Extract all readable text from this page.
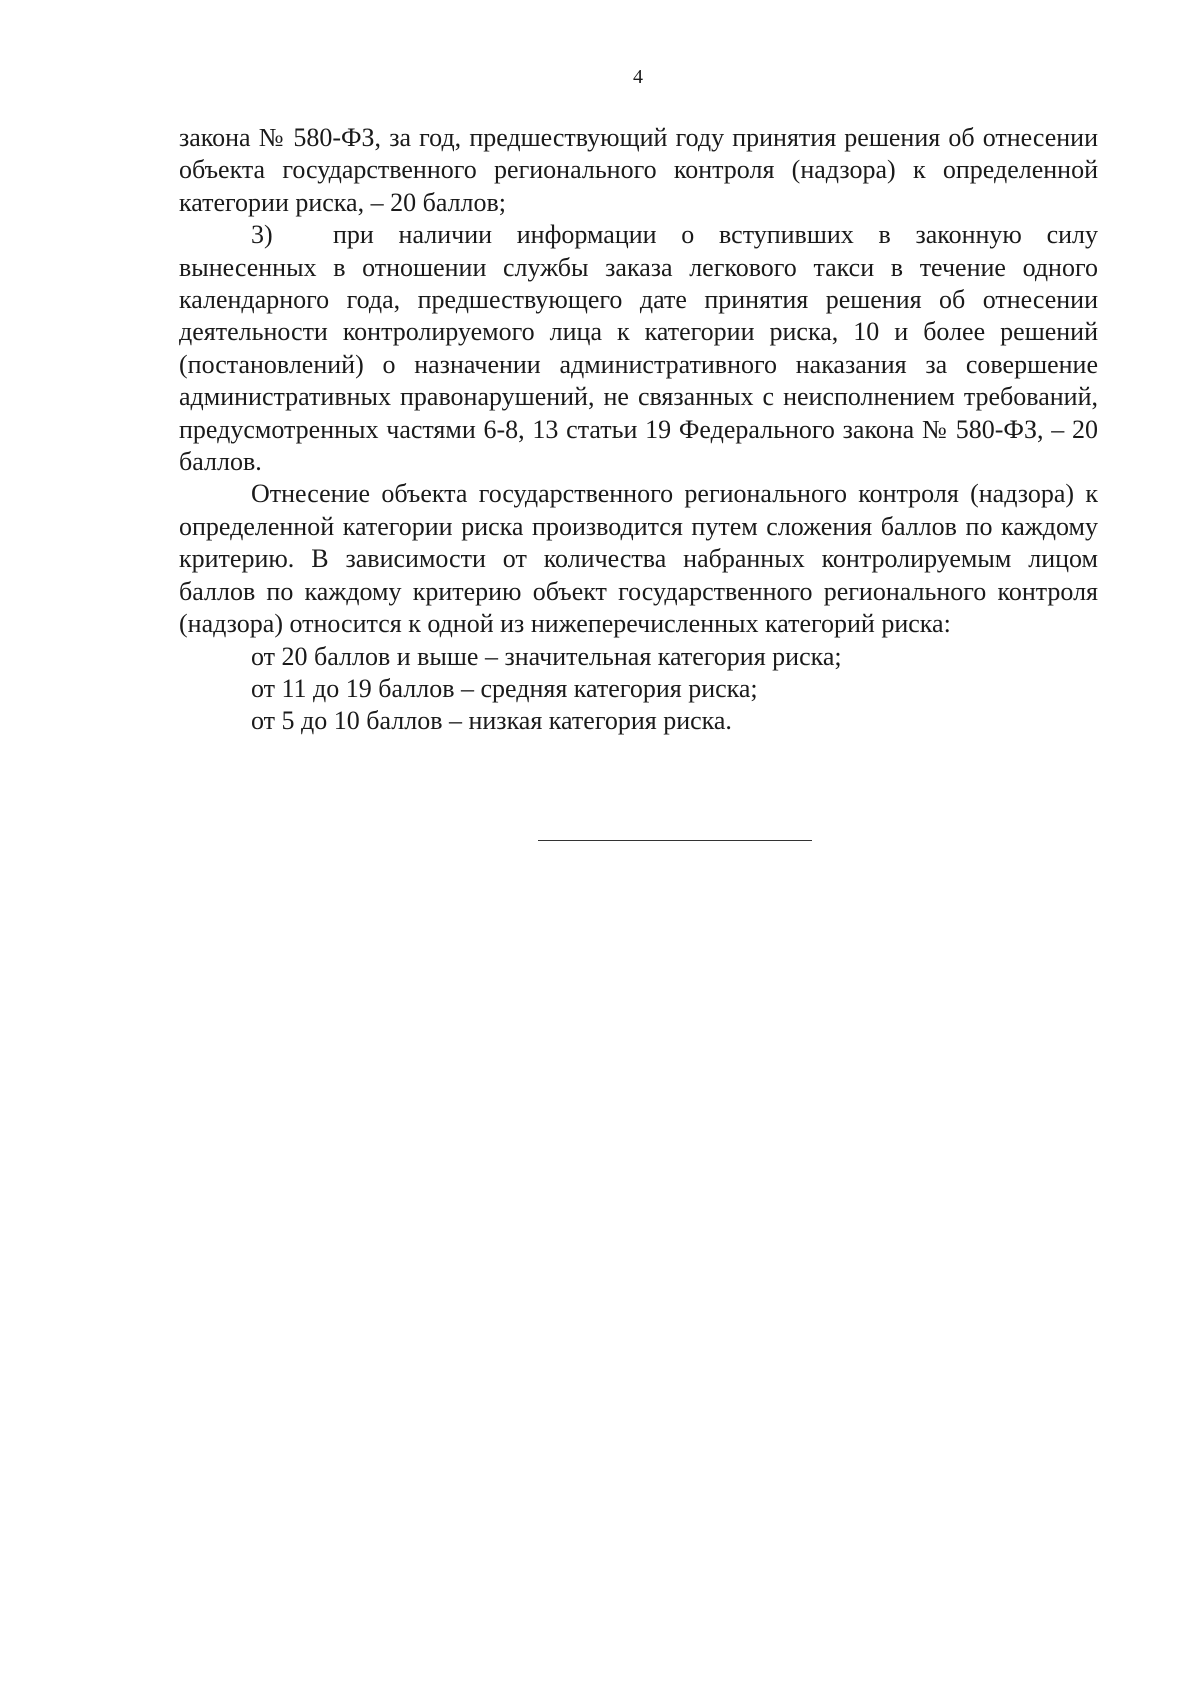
4

закона № 580-ФЗ, за год, предшествующий году принятия решения об отнесении объекта государственного регионального контроля (надзора) к определенной категории риска, – 20 баллов;

3) при наличии информации о вступивших в законную силу вынесенных в отношении службы заказа легкового такси в течение одного календарного года, предшествующего дате принятия решения об отнесении деятельности контролируемого лица к категории риска, 10 и более решений (постановлений) о назначении административного наказания за совершение административных правонарушений, не связанных с неисполнением требований, предусмотренных частями 6-8, 13 статьи 19 Федерального закона № 580-ФЗ, – 20 баллов.

Отнесение объекта государственного регионального контроля (надзора) к определенной категории риска производится путем сложения баллов по каждому критерию. В зависимости от количества набранных контролируемым лицом баллов по каждому критерию объект государственного регионального контроля (надзора) относится к одной из нижеперечисленных категорий риска:

от 20 баллов и выше – значительная категория риска;

от 11 до 19 баллов – средняя категория риска;

от 5 до 10 баллов – низкая категория риска.
